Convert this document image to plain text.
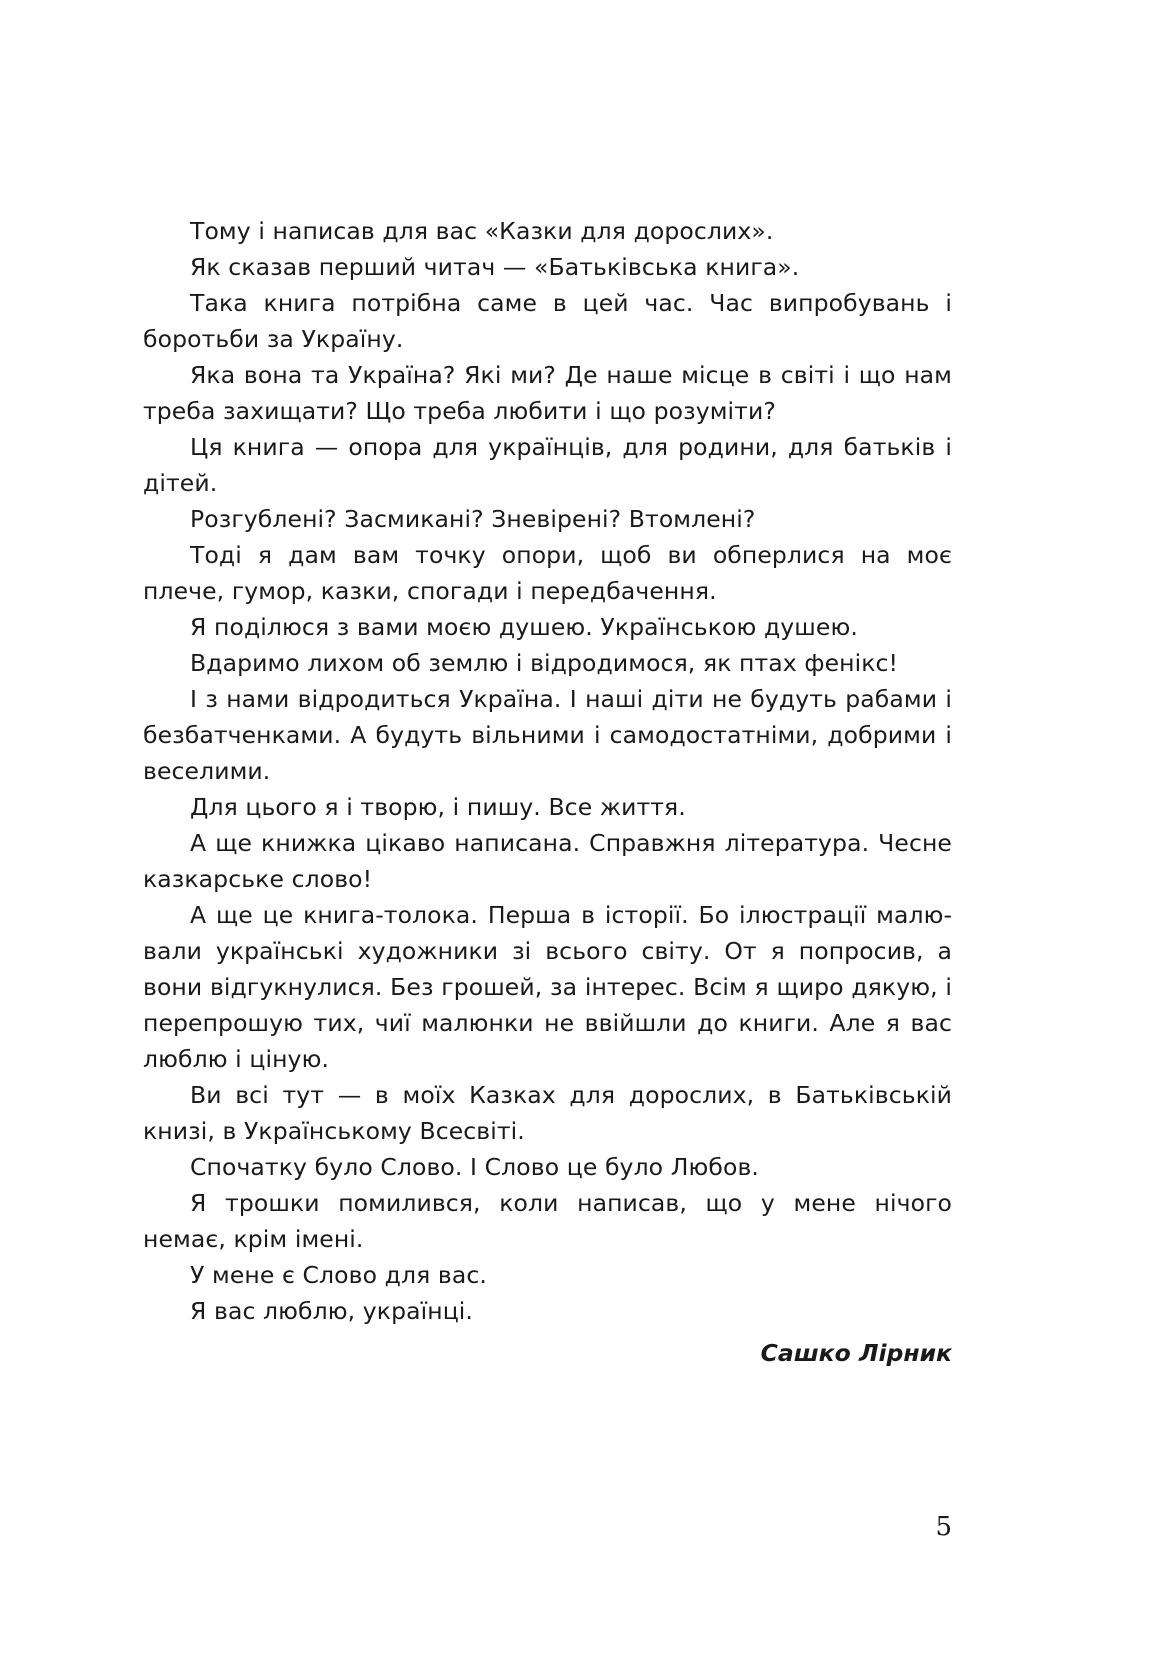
Тому і написав для вас «Казки для дорослих».

Як сказав перший читач — «Батьківська книга».

Така книга потрібна саме в цей час. Час випробувань і боротьби за Україну.

Яка вона та Україна? Які ми? Де наше місце в світі і що нам треба захищати? Що треба любити і що розуміти?

Ця книга — опора для українців, для родини, для батьків і дітей.

Розгублені? Засмикані? Зневірені? Втомлені?

Тоді я дам вам точку опори, щоб ви обперлися на моє плече, гумор, казки, спогади і передбачення.

Я поділюся з вами моєю душею. Українською душею.

Вдаримо лихом об землю і відродимося, як птах фенікс!

І з нами відродиться Україна. І наші діти не будуть рабами і безбатченками. А будуть вільними і самодостатніми, добрими і веселими.

Для цього я і творю, і пишу. Все життя.

А ще книжка цікаво написана. Справжня література. Чесне казкарське слово!

А ще це книга-толока. Перша в історії. Бо ілюстрації малювали українські художники зі всього світу. От я попросив, а вони відгукнулися. Без грошей, за інтерес. Всім я щиро дякую, і перепрошую тих, чиї малюнки не ввійшли до книги. Але я вас люблю і ціную.

Ви всі тут — в моїх Казках для дорослих, в Батьківській книзі, в Українському Всесвіті.

Спочатку було Слово. І Слово це було Любов.

Я трошки помилився, коли написав, що у мене нічого немає, крім імені.

У мене є Слово для вас.

Я вас люблю, українці.

Сашко Лірник
5
